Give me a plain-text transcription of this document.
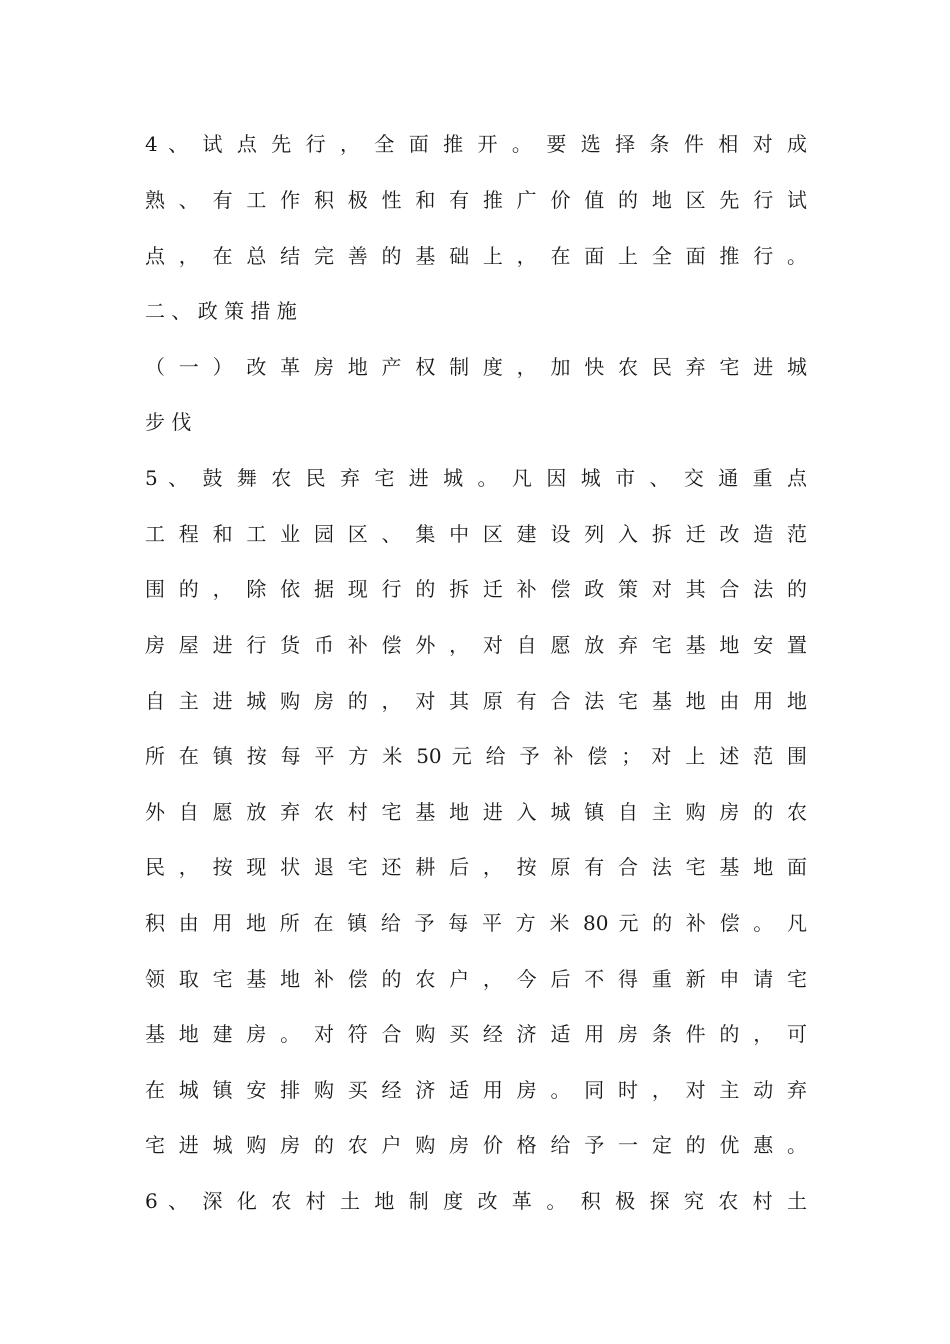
4 、 试 点 先 行 ， 全 面 推 开 。 要 选 择 条 件 相 对 成
熟 、 有 工 作 积 极 性 和 有 推 广 价 值 的 地 区 先 行 试
点 ， 在 总 结 完 善 的 基 础 上 ， 在 面 上 全 面 推 行 。
二 、 政 策 措 施
（ 一 ） 改 革 房 地 产 权 制 度 ， 加 快 农 民 弃 宅 进 城
步 伐
5 、 鼓 舞 农 民 弃 宅 进 城 。 凡 因 城 市 、 交 通 重 点
工 程 和 工 业 园 区 、 集 中 区 建 设 列 入 拆 迁 改 造 范
围 的 ， 除 依 据 现 行 的 拆 迁 补 偿 政 策 对 其 合 法 的
房 屋 进 行 货 币 补 偿 外 ， 对 自 愿 放 弃 宅 基 地 安 置
自 主 进 城 购 房 的 ， 对 其 原 有 合 法 宅 基 地 由 用 地
所 在 镇 按 每 平 方 米 50 元 给 予 补 偿 ； 对 上 述 范 围
外 自 愿 放 弃 农 村 宅 基 地 进 入 城 镇 自 主 购 房 的 农
民 ， 按 现 状 退 宅 还 耕 后 ， 按 原 有 合 法 宅 基 地 面
积 由 用 地 所 在 镇 给 予 每 平 方 米 80 元 的 补 偿 。 凡
领 取 宅 基 地 补 偿 的 农 户 ， 今 后 不 得 重 新 申 请 宅
基 地 建 房 。 对 符 合 购 买 经 济 适 用 房 条 件 的 ， 可
在 城 镇 安 排 购 买 经 济 适 用 房 。 同 时 ， 对 主 动 弃
宅 进 城 购 房 的 农 户 购 房 价 格 给 予 一 定 的 优 惠 。
6 、 深 化 农 村 土 地 制 度 改 革 。 积 极 探 究 农 村 土
